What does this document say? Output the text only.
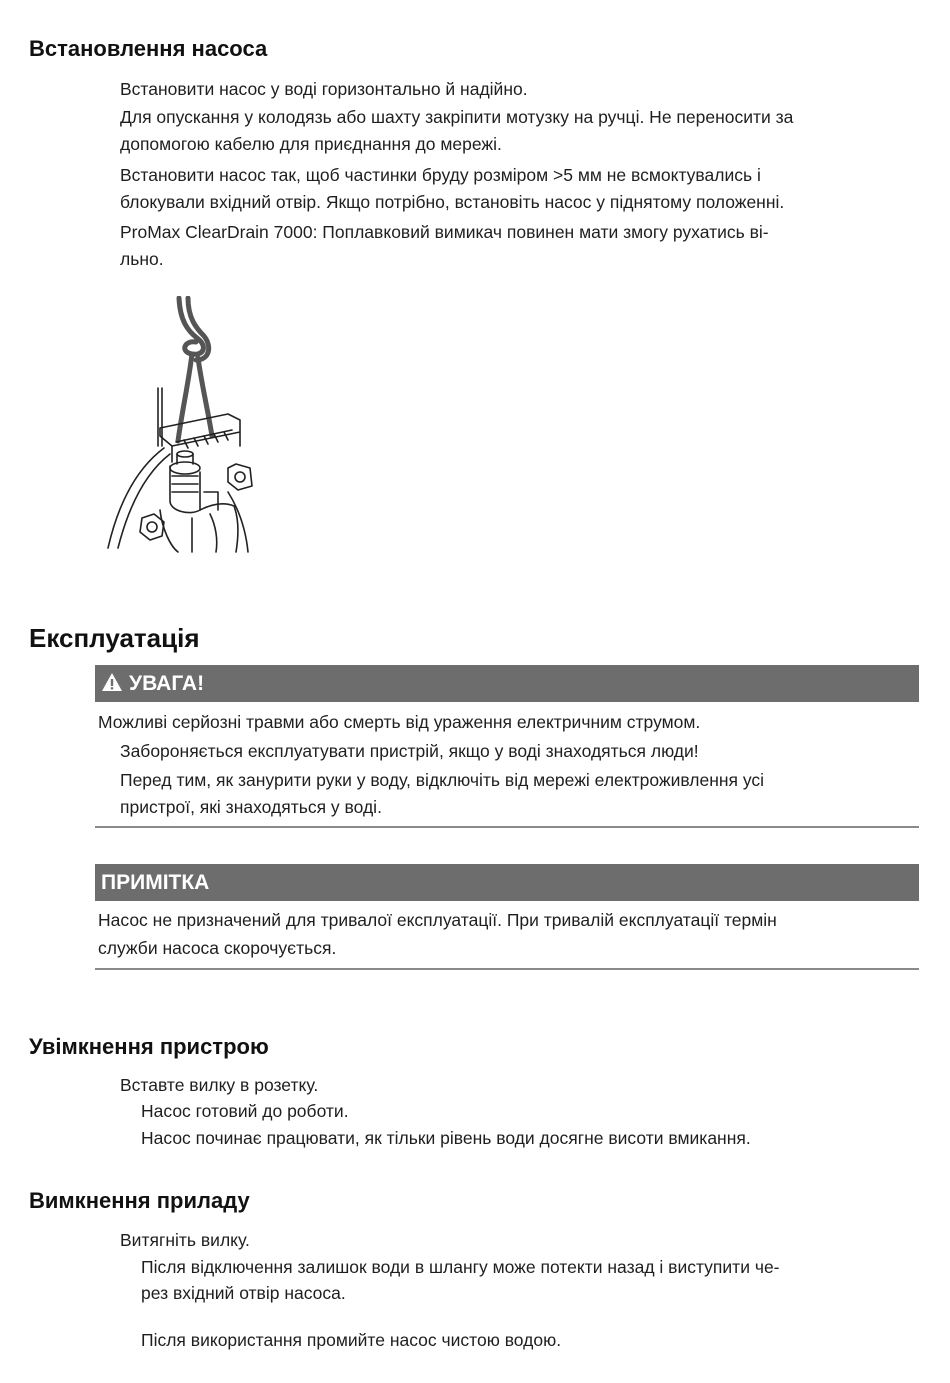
Встановлення насоса

Встановити насос у воді горизонтально й надійно.

Для опускання у колодязь або шахту закріпити мотузку на ручці. Не переносити за

допомогою кабелю для приєднання до мережі.

Встановити насос так, щоб частинки бруду розміром >5 мм не всмоктувались і

блокували вхідний отвір. Якщо потрібно, встановіть насос у піднятому положенні.

ProMax ClearDrain 7000: Поплавковий вимикач повинен мати змогу рухатись ві-

льно.

Експлуатація
УВАГА!

Можливі серйозні травми або смерть від ураження електричним струмом.

Забороняється експлуатувати пристрій, якщо у воді знаходяться люди!

Перед тим, як занурити руки у воду, відключіть від мережі електроживлення усі

пристрої, які знаходяться у воді.

ПРИМІТКА

Насос не призначений для тривалої експлуатації. При тривалій експлуатації термін

служби насоса скорочується.

Увімкнення пристрою

Вставте вилку в розетку.

Насос готовий до роботи.

Насос починає працювати, як тільки рівень води досягне висоти вмикання.

Вимкнення приладу

Витягніть вилку.

Після відключення залишок води в шлангу може потекти назад і виступити че-

рез вхідний отвір насоса.

Після використання промийте насос чистою водою.
